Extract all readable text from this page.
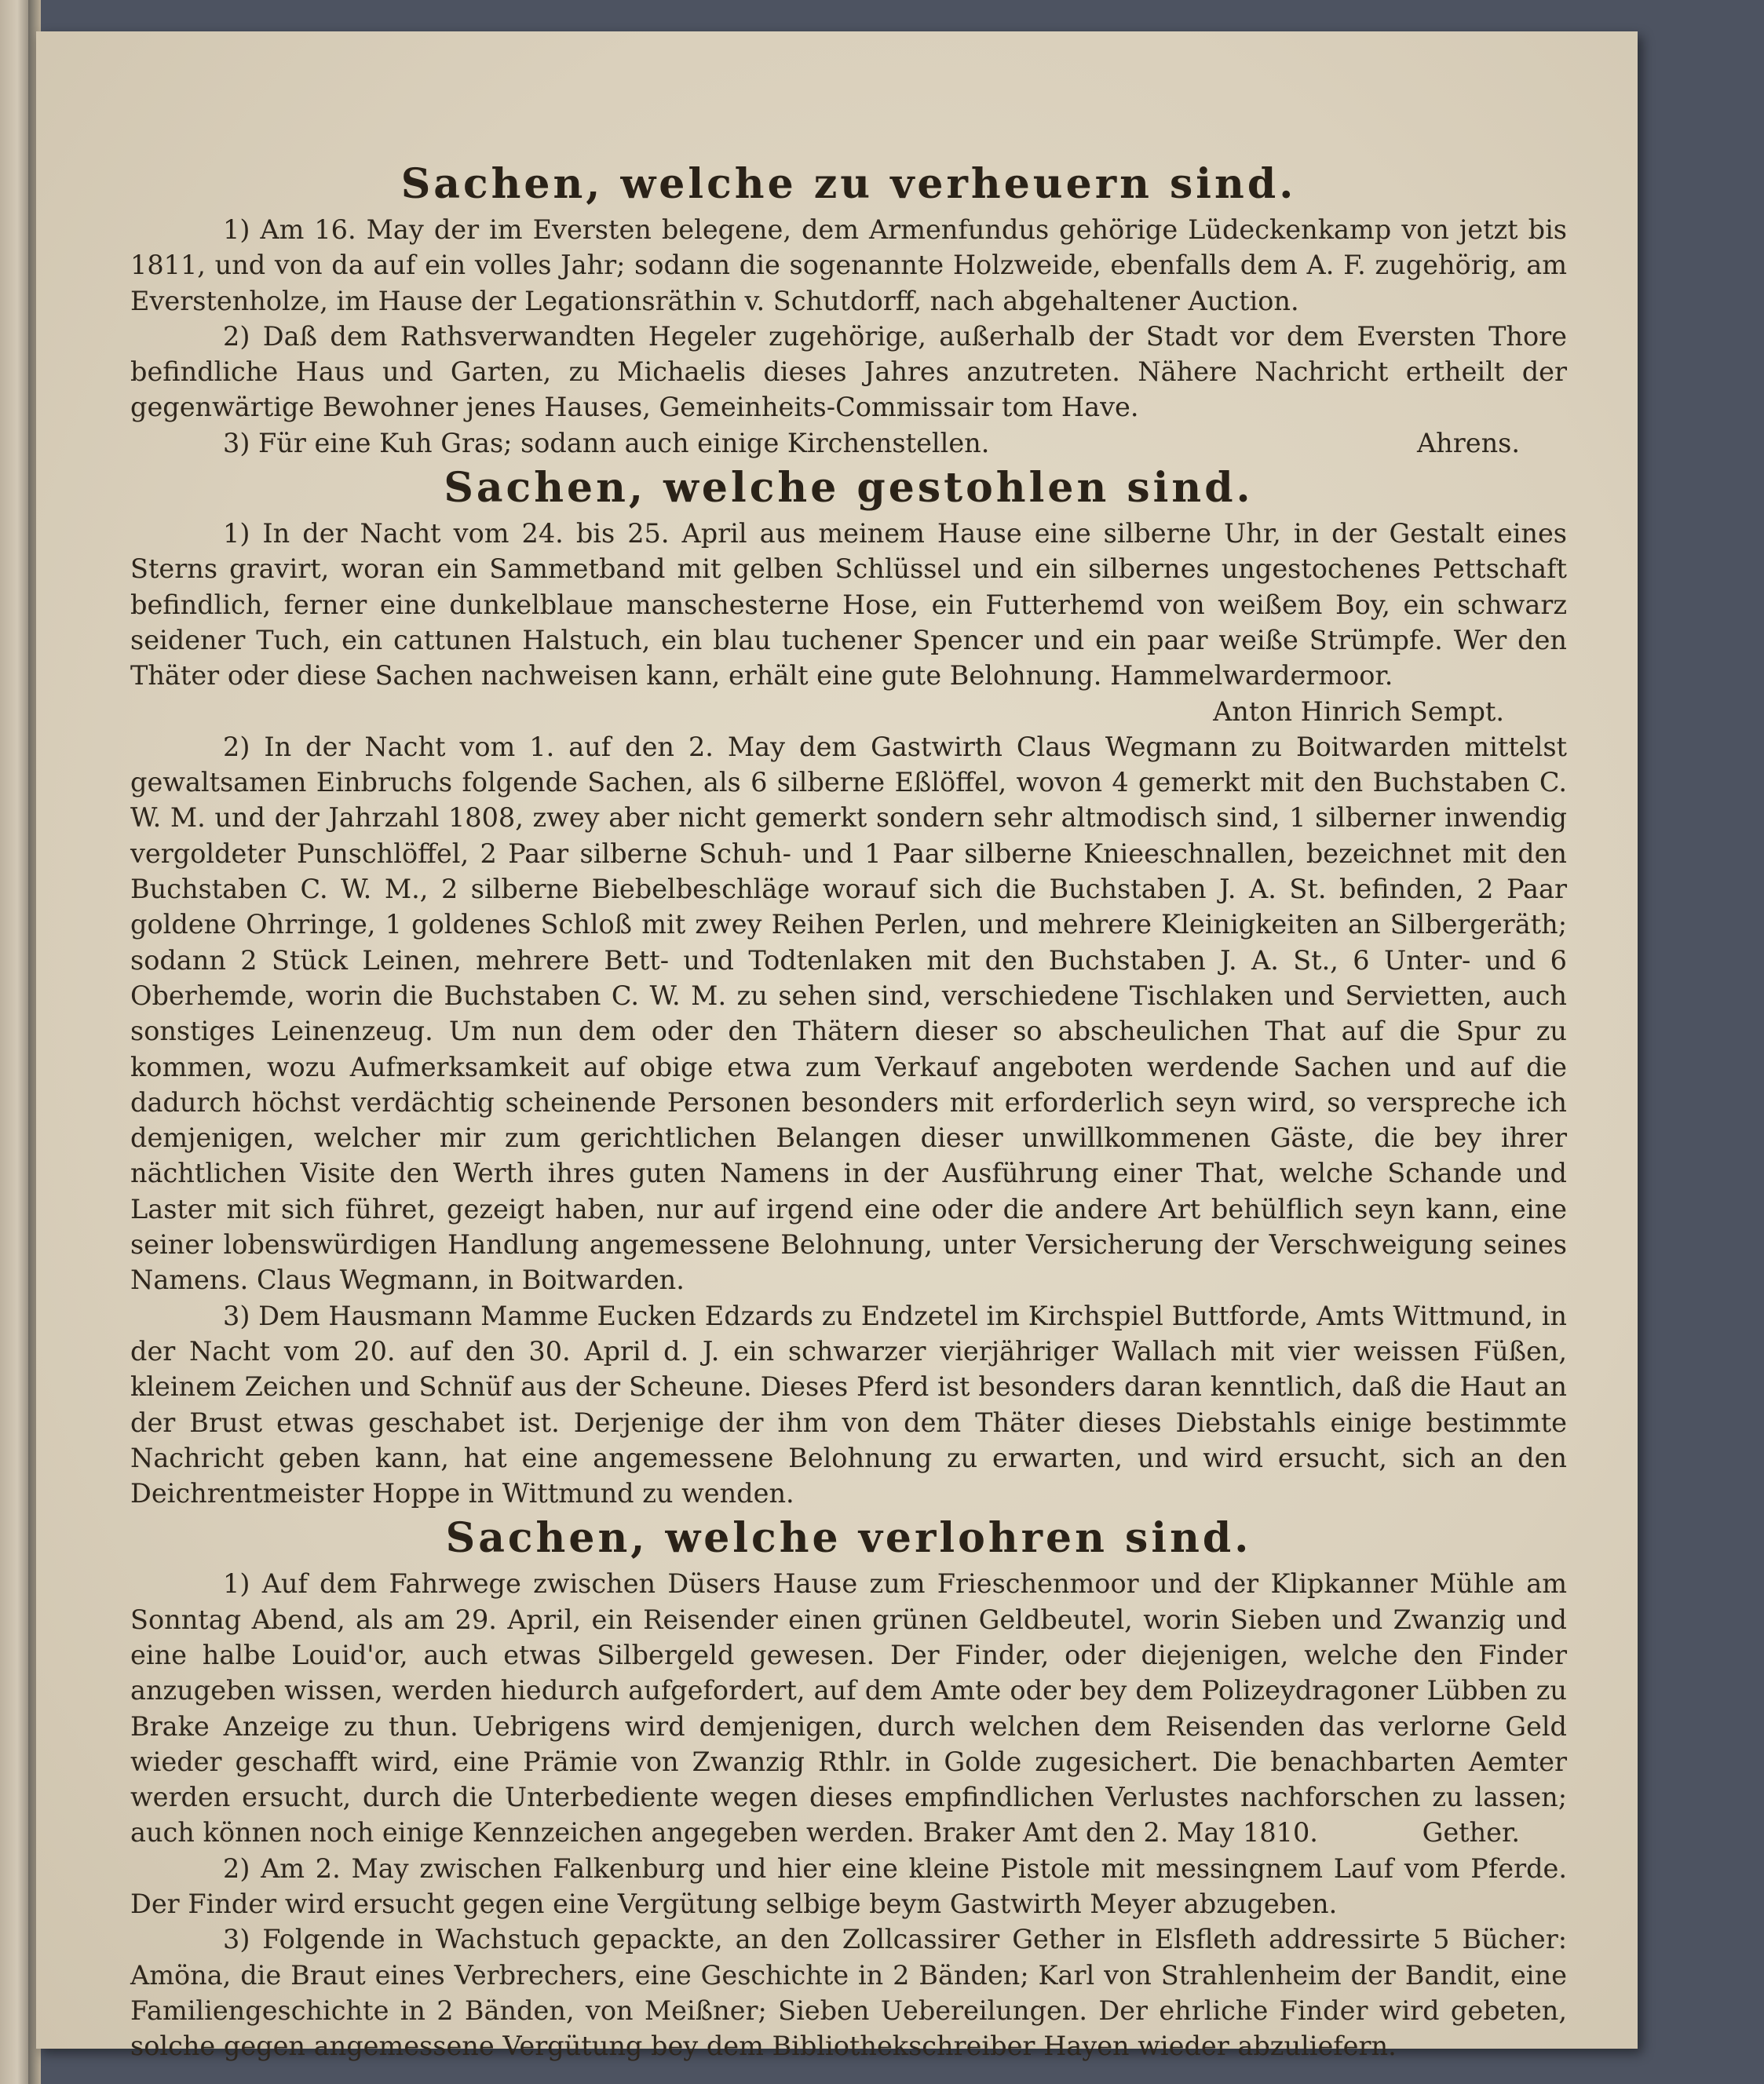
Sachen, welche zu verheuern sind.

1) Am 16. May der im Eversten belegene, dem Armenfundus gehörige Lüdeckenkamp von jetzt bis 1811, und von da auf ein volles Jahr; sodann die sogenannte Holzweide, ebenfalls dem A. F. zugehörig, am Everstenholze, im Hause der Legationsräthin v. Schutdorff, nach abgehaltener Auction.

2) Daß dem Rathsverwandten Hegeler zugehörige, außerhalb der Stadt vor dem Eversten Thore befindliche Haus und Garten, zu Michaelis dieses Jahres anzutreten. Nähere Nachricht ertheilt der gegenwärtige Bewohner jenes Hauses, Gemeinheits-Commissair tom Have.

3) Für eine Kuh Gras; sodann auch einige Kirchenstellen.	Ahrens.

Sachen, welche gestohlen sind.

1) In der Nacht vom 24. bis 25. April aus meinem Hause eine silberne Uhr, in der Gestalt eines Sterns gravirt, woran ein Sammetband mit gelben Schlüssel und ein silbernes ungestochenes Pettschaft befindlich, ferner eine dunkelblaue manschesterne Hose, ein Futterhemd von weißem Boy, ein schwarz seidener Tuch, ein cattunen Halstuch, ein blau tuchener Spencer und ein paar weiße Strümpfe. Wer den Thäter oder diese Sachen nachweisen kann, erhält eine gute Belohnung. Hammelwardermoor.

Anton Hinrich Sempt.

2) In der Nacht vom 1. auf den 2. May dem Gastwirth Claus Wegmann zu Boitwarden mittelst gewaltsamen Einbruchs folgende Sachen, als 6 silberne Eßlöffel, wovon 4 gemerkt mit den Buchstaben C. W. M. und der Jahrzahl 1808, zwey aber nicht gemerkt sondern sehr altmodisch sind, 1 silberner inwendig vergoldeter Punschlöffel, 2 Paar silberne Schuh- und 1 Paar silberne Knieeschnallen, bezeichnet mit den Buchstaben C. W. M., 2 silberne Biebelbeschläge worauf sich die Buchstaben J. A. St. befinden, 2 Paar goldene Ohrringe, 1 goldenes Schloß mit zwey Reihen Perlen, und mehrere Kleinigkeiten an Silbergeräth; sodann 2 Stück Leinen, mehrere Bett- und Todtenlaken mit den Buchstaben J. A. St., 6 Unter- und 6 Oberhemde, worin die Buchstaben C. W. M. zu sehen sind, verschiedene Tischlaken und Servietten, auch sonstiges Leinenzeug. Um nun dem oder den Thätern dieser so abscheulichen That auf die Spur zu kommen, wozu Aufmerksamkeit auf obige etwa zum Verkauf angeboten werdende Sachen und auf die dadurch höchst verdächtig scheinende Personen besonders mit erforderlich seyn wird, so verspreche ich demjenigen, welcher mir zum gerichtlichen Belangen dieser unwillkommenen Gäste, die bey ihrer nächtlichen Visite den Werth ihres guten Namens in der Ausführung einer That, welche Schande und Laster mit sich führet, gezeigt haben, nur auf irgend eine oder die andere Art behülflich seyn kann, eine seiner lobenswürdigen Handlung angemessene Belohnung, unter Versicherung der Verschweigung seines Namens. Claus Wegmann, in Boitwarden.

3) Dem Hausmann Mamme Eucken Edzards zu Endzetel im Kirchspiel Buttforde, Amts Wittmund, in der Nacht vom 20. auf den 30. April d. J. ein schwarzer vierjähriger Wallach mit vier weissen Füßen, kleinem Zeichen und Schnüf aus der Scheune. Dieses Pferd ist besonders daran kenntlich, daß die Haut an der Brust etwas geschabet ist. Derjenige der ihm von dem Thäter dieses Diebstahls einige bestimmte Nachricht geben kann, hat eine angemessene Belohnung zu erwarten, und wird ersucht, sich an den Deichrentmeister Hoppe in Wittmund zu wenden.

Sachen, welche verlohren sind.

1) Auf dem Fahrwege zwischen Düsers Hause zum Frieschenmoor und der Klipkanner Mühle am Sonntag Abend, als am 29. April, ein Reisender einen grünen Geldbeutel, worin Sieben und Zwanzig und eine halbe Louid'or, auch etwas Silbergeld gewesen. Der Finder, oder diejenigen, welche den Finder anzugeben wissen, werden hiedurch aufgefordert, auf dem Amte oder bey dem Polizeydragoner Lübben zu Brake Anzeige zu thun. Uebrigens wird demjenigen, durch welchen dem Reisenden das verlorne Geld wieder geschafft wird, eine Prämie von Zwanzig Rthlr. in Golde zugesichert. Die benachbarten Aemter werden ersucht, durch die Unterbediente wegen dieses empfindlichen Verlustes nachforschen zu lassen; auch können noch einige Kennzeichen angegeben werden. Braker Amt den 2. May 1810.	Gether.

2) Am 2. May zwischen Falkenburg und hier eine kleine Pistole mit messingnem Lauf vom Pferde. Der Finder wird ersucht gegen eine Vergütung selbige beym Gastwirth Meyer abzugeben.

3) Folgende in Wachstuch gepackte, an den Zollcassirer Gether in Elsfleth addressirte 5 Bücher: Amöna, die Braut eines Verbrechers, eine Geschichte in 2 Bänden; Karl von Strahlenheim der Bandit, eine Familiengeschichte in 2 Bänden, von Meißner; Sieben Uebereilungen. Der ehrliche Finder wird gebeten, solche gegen angemessene Vergütung bey dem Bibliothekschreiber Hayen wieder abzuliefern.
